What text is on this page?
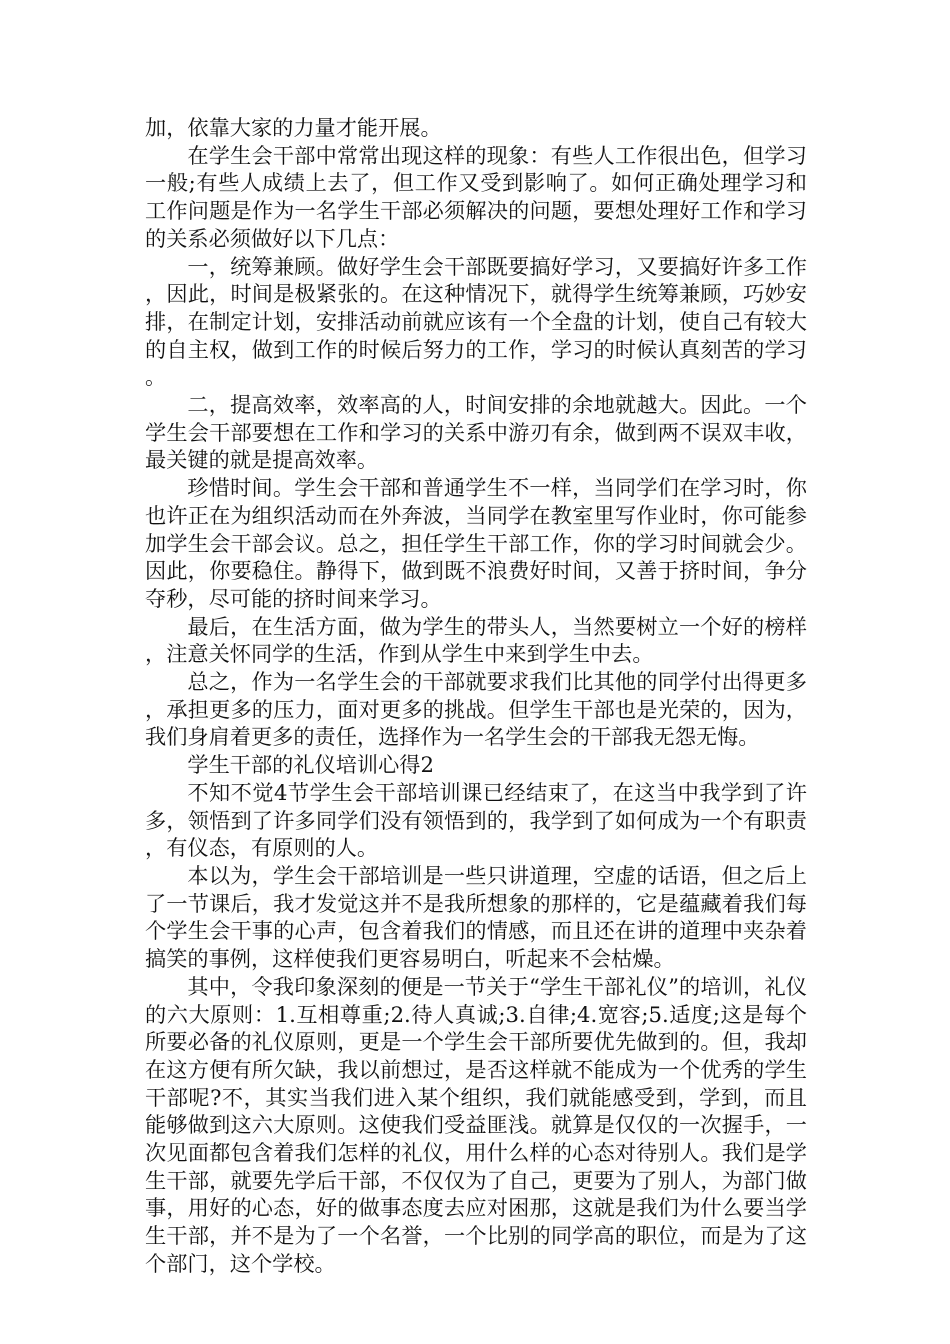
加，依靠大家的力量才能开展。

在学生会干部中常常出现这样的现象：有些人工作很出色，但学习一般;有些人成绩上去了，但工作又受到影响了。如何正确处理学习和工作问题是作为一名学生干部必须解决的问题，要想处理好工作和学习的关系必须做好以下几点：

一，统筹兼顾。做好学生会干部既要搞好学习，又要搞好许多工作，因此，时间是极紧张的。在这种情况下，就得学生统筹兼顾，巧妙安排，在制定计划，安排活动前就应该有一个全盘的计划，使自己有较大的自主权，做到工作的时候后努力的工作，学习的时候认真刻苦的学习。

二，提高效率，效率高的人，时间安排的余地就越大。因此。一个学生会干部要想在工作和学习的关系中游刃有余，做到两不误双丰收，最关键的就是提高效率。

珍惜时间。学生会干部和普通学生不一样，当同学们在学习时，你也许正在为组织活动而在外奔波，当同学在教室里写作业时，你可能参加学生会干部会议。总之，担任学生干部工作，你的学习时间就会少。因此，你要稳住。静得下，做到既不浪费好时间，又善于挤时间，争分夺秒，尽可能的挤时间来学习。

最后，在生活方面，做为学生的带头人，当然要树立一个好的榜样，注意关怀同学的生活，作到从学生中来到学生中去。

总之，作为一名学生会的干部就要求我们比其他的同学付出得更多，承担更多的压力，面对更多的挑战。但学生干部也是光荣的，因为，我们身肩着更多的责任，选择作为一名学生会的干部我无怨无悔。

学生干部的礼仪培训心得2

不知不觉4节学生会干部培训课已经结束了，在这当中我学到了许多，领悟到了许多同学们没有领悟到的，我学到了如何成为一个有职责，有仪态，有原则的人。

本以为，学生会干部培训是一些只讲道理，空虚的话语，但之后上了一节课后，我才发觉这并不是我所想象的那样的，它是蕴藏着我们每个学生会干事的心声，包含着我们的情感，而且还在讲的道理中夹杂着搞笑的事例，这样使我们更容易明白，听起来不会枯燥。

其中，令我印象深刻的便是一节关于“学生干部礼仪”的培训，礼仪的六大原则：1.互相尊重;2.待人真诚;3.自律;4.宽容;5.适度;这是每个所要必备的礼仪原则，更是一个学生会干部所要优先做到的。但，我却在这方便有所欠缺，我以前想过，是否这样就不能成为一个优秀的学生干部呢?不，其实当我们进入某个组织，我们就能感受到，学到，而且能够做到这六大原则。这使我们受益匪浅。就算是仅仅的一次握手，一次见面都包含着我们怎样的礼仪，用什么样的心态对待别人。我们是学生干部，就要先学后干部，不仅仅为了自己，更要为了别人，为部门做事，用好的心态，好的做事态度去应对困那，这就是我们为什么要当学生干部，并不是为了一个名誉，一个比别的同学高的职位，而是为了这个部门，这个学校。
